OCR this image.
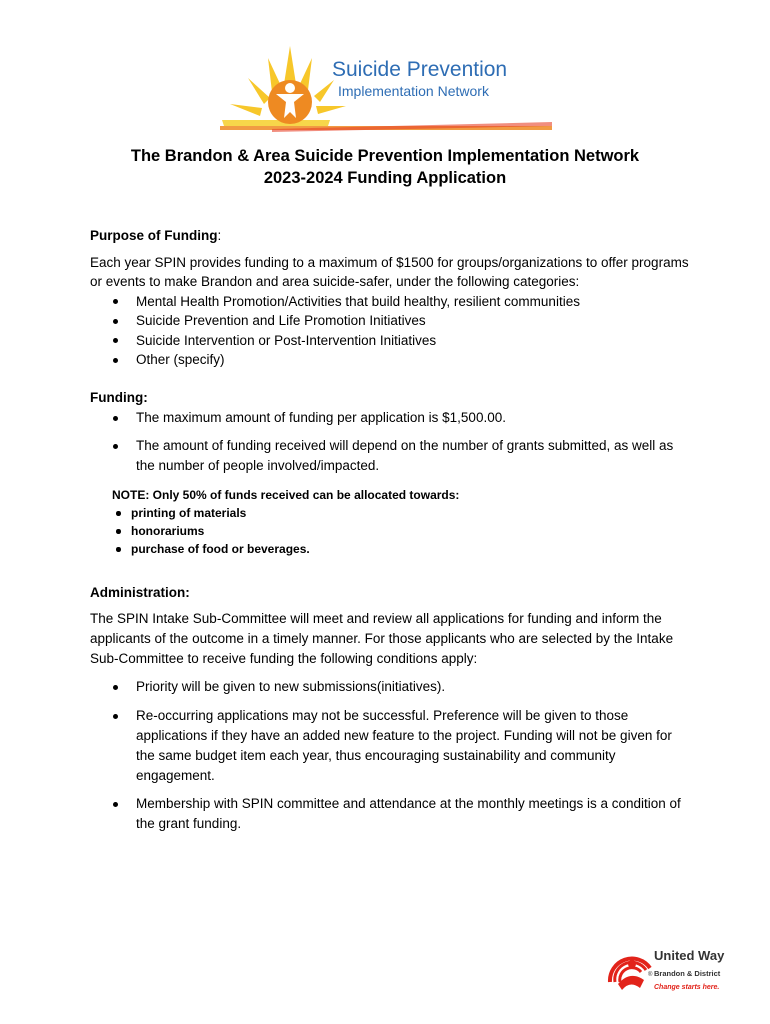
Suicide Prevention
Implementation Network
The Brandon & Area Suicide Prevention Implementation Network
2023-2024 Funding Application
Purpose of Funding:
Each year SPIN provides funding to a maximum of $1500 for groups/organizations to offer programs or events to make Brandon and area suicide-safer, under the following categories:
Mental Health Promotion/Activities that build healthy, resilient communities
Suicide Prevention and Life Promotion Initiatives
Suicide Intervention or Post-Intervention Initiatives
Other (specify)
Funding:
The maximum amount of funding per application is $1,500.00.
The amount of funding received will depend on the number of grants submitted, as well as the number of people involved/impacted.
NOTE: Only 50% of funds received can be allocated towards:
printing of materials
honorariums
purchase of food or beverages.
Administration:
The SPIN Intake Sub-Committee will meet and review all applications for funding and inform the applicants of the outcome in a timely manner. For those applicants who are selected by the Intake Sub-Committee to receive funding the following conditions apply:
Priority will be given to new submissions(initiatives).
Re-occurring applications may not be successful. Preference will be given to those applications if they have an added new feature to the project. Funding will not be given for the same budget item each year, thus encouraging sustainability and community engagement.
Membership with SPIN committee and attendance at the monthly meetings is a condition of the grant funding.
United Way
® Brandon & District
Change starts here.
